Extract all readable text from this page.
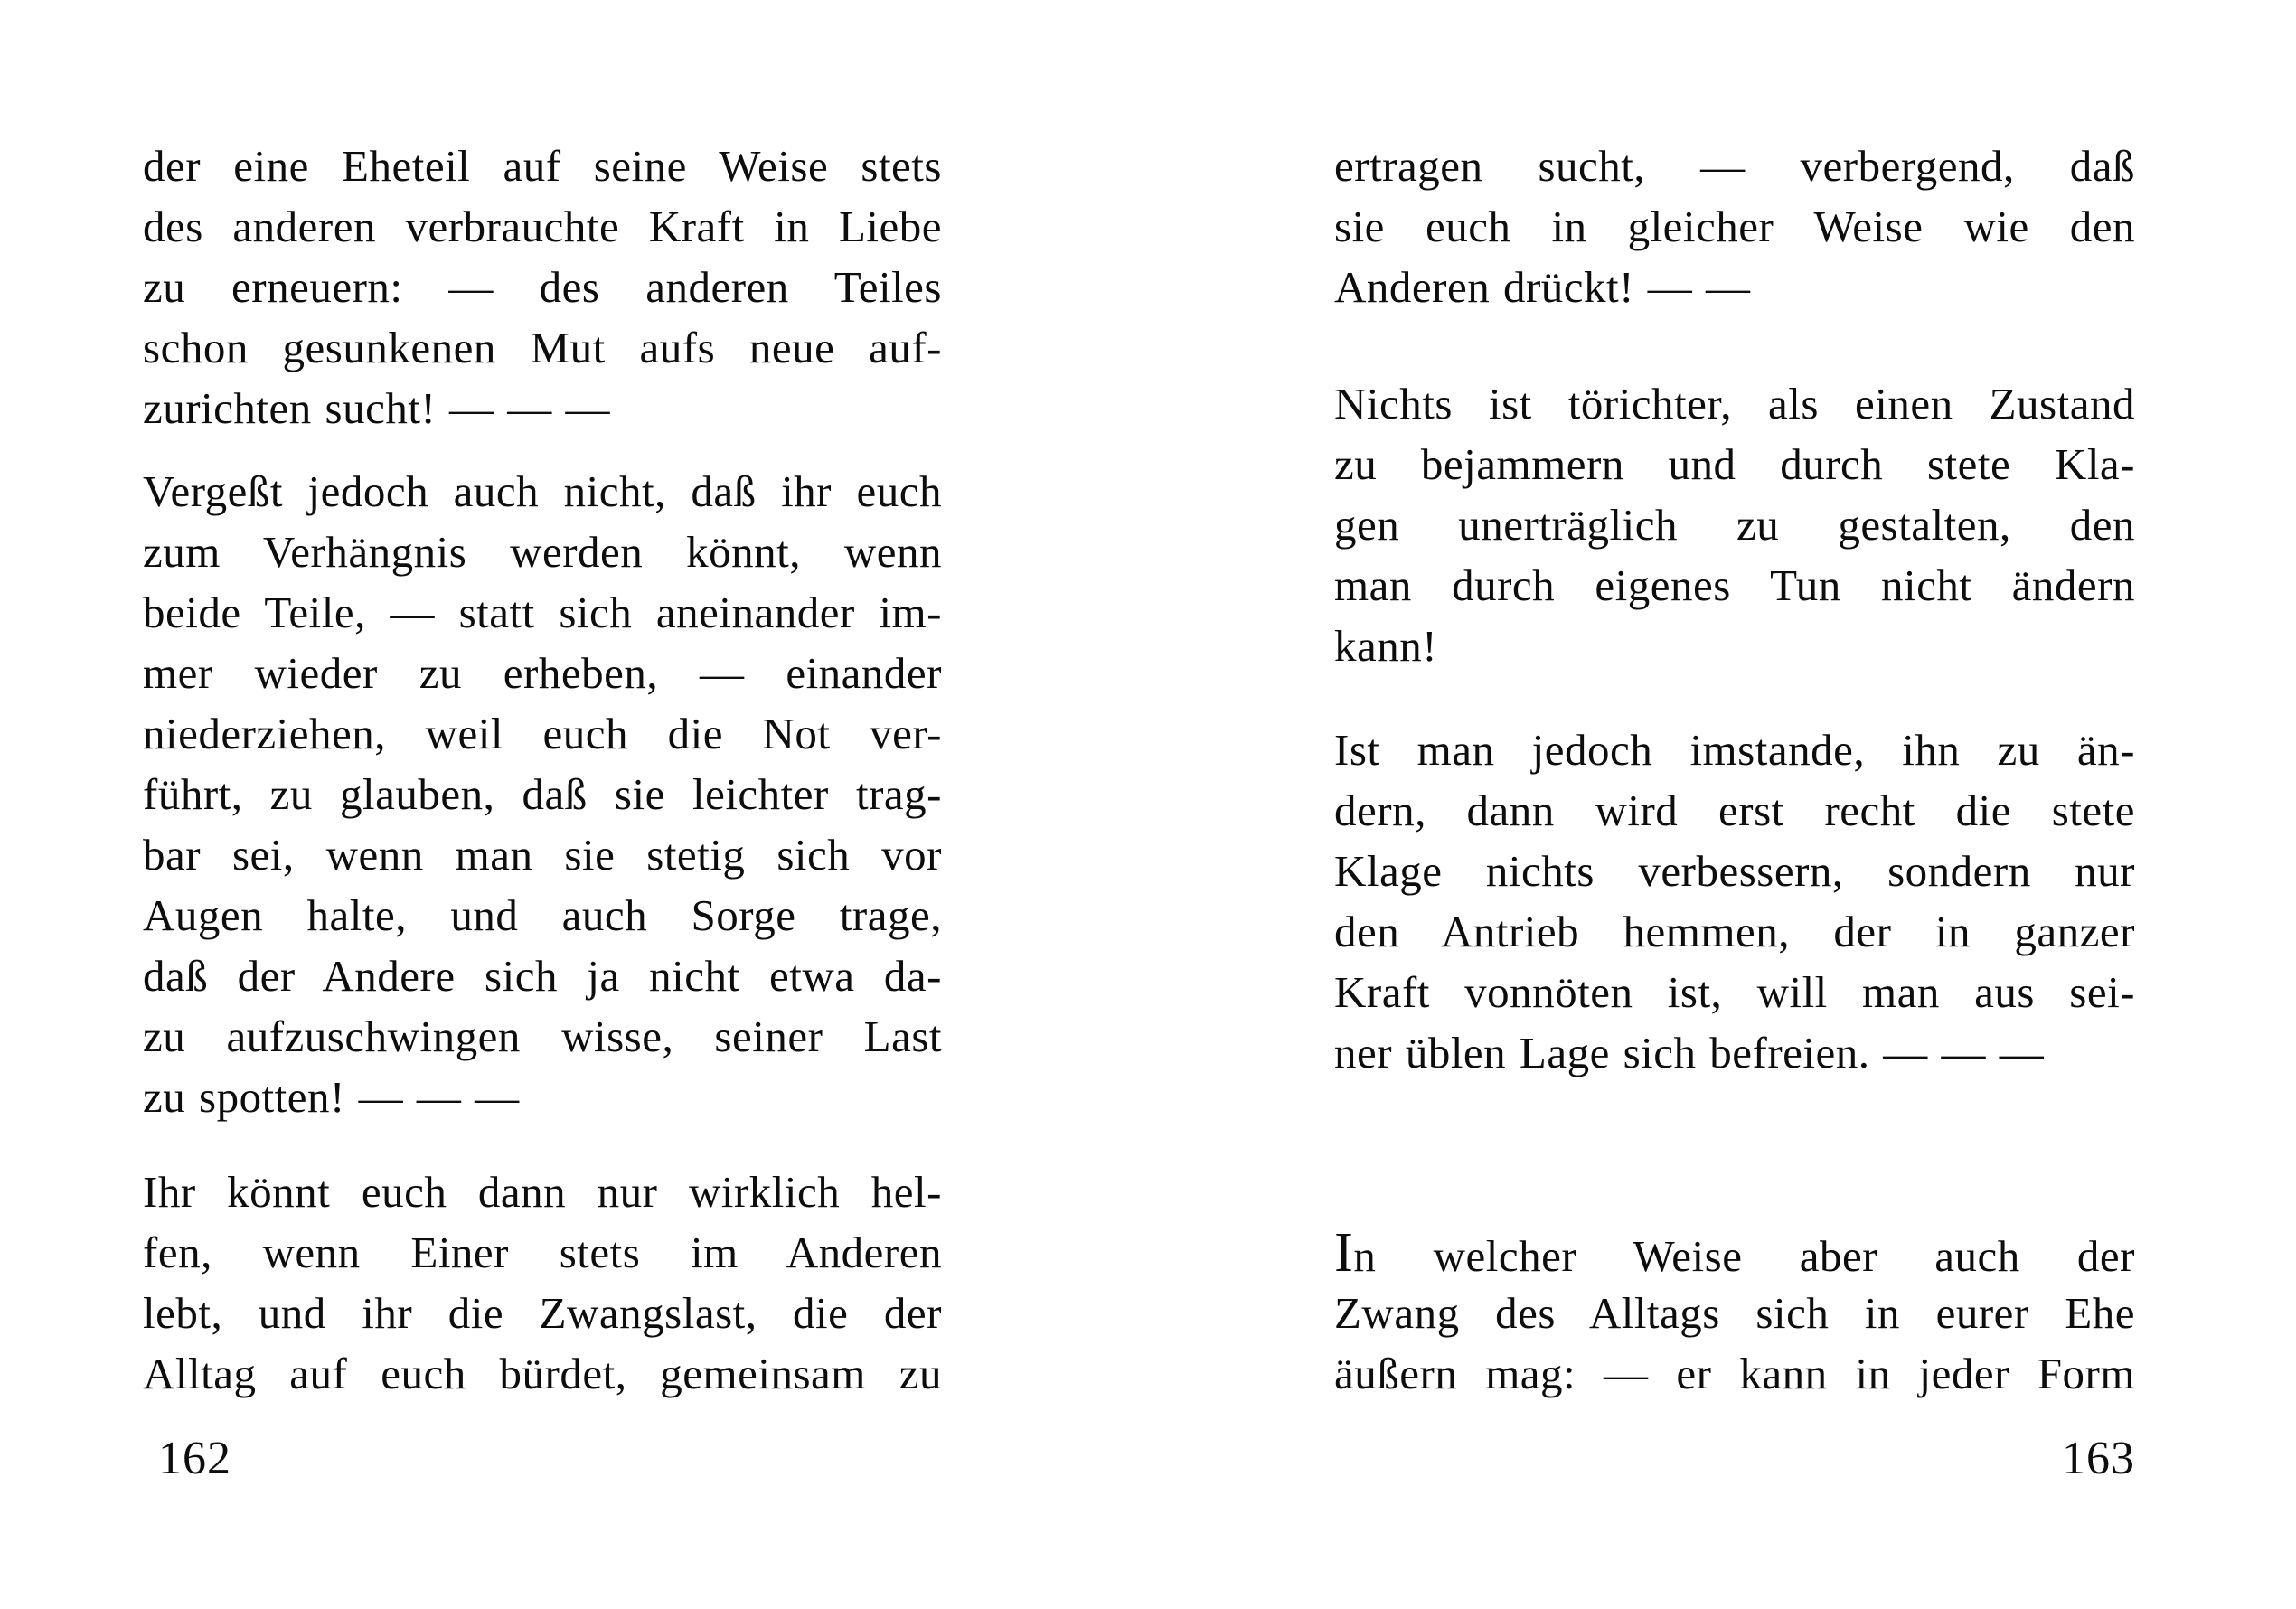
der eine Eheteil auf seine Weise stets
des anderen verbrauchte Kraft in Liebe
zu erneuern: — des anderen Teiles
schon gesunkenen Mut aufs neue auf-
zurichten sucht! — — —
Vergeßt jedoch auch nicht, daß ihr euch
zum Verhängnis werden könnt, wenn
beide Teile, — statt sich aneinander im-
mer wieder zu erheben, — einander
niederziehen, weil euch die Not ver-
führt, zu glauben, daß sie leichter trag-
bar sei, wenn man sie stetig sich vor
Augen halte, und auch Sorge trage,
daß der Andere sich ja nicht etwa da-
zu aufzuschwingen wisse, seiner Last
zu spotten! — — —
Ihr könnt euch dann nur wirklich hel-
fen, wenn Einer stets im Anderen
lebt, und ihr die Zwangslast, die der
Alltag auf euch bürdet, gemeinsam zu
162
ertragen sucht, — verbergend, daß
sie euch in gleicher Weise wie den
Anderen drückt! — —
Nichts ist törichter, als einen Zustand
zu bejammern und durch stete Kla-
gen unerträglich zu gestalten, den
man durch eigenes Tun nicht ändern
kann!
Ist man jedoch imstande, ihn zu än-
dern, dann wird erst recht die stete
Klage nichts verbessern, sondern nur
den Antrieb hemmen, der in ganzer
Kraft vonnöten ist, will man aus sei-
ner üblen Lage sich befreien. — — —
In welcher Weise aber auch der
Zwang des Alltags sich in eurer Ehe
äußern mag: — er kann in jeder Form
163
